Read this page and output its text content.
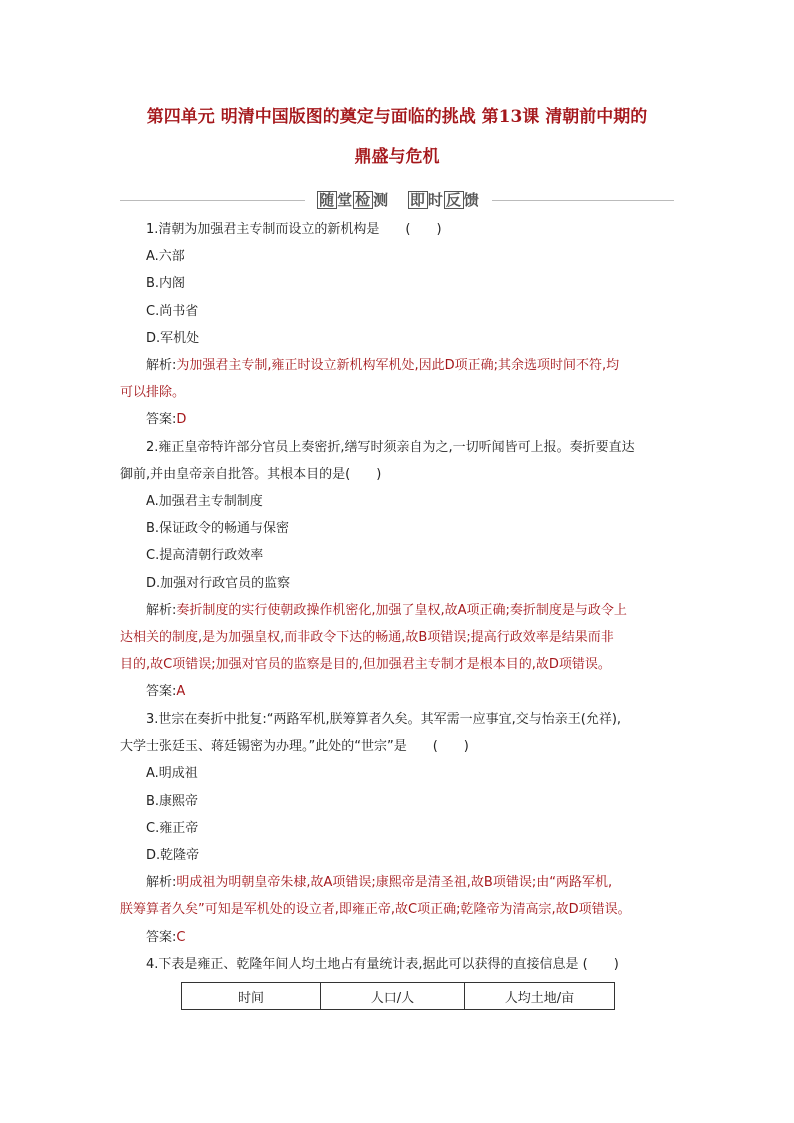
第四单元 明清中国版图的奠定与面临的挑战 第13课 清朝前中期的
鼎盛与危机
随 堂 检 测 即 时 反 馈

1.清朝为加强君主专制而设立的新机构是　　(　　)

A.六部

B.内阁

C.尚书省

D.军机处

解析:为加强君主专制,雍正时设立新机构军机处,因此D项正确;其余选项时间不符,均

可以排除。

答案:D

2.雍正皇帝特许部分官员上奏密折,缮写时须亲自为之,一切听闻皆可上报。奏折要直达

御前,并由皇帝亲自批答。其根本目的是(　　)

A.加强君主专制制度

B.保证政令的畅通与保密

C.提高清朝行政效率

D.加强对行政官员的监察

解析:奏折制度的实行使朝政操作机密化,加强了皇权,故A项正确;奏折制度是与政令上

达相关的制度,是为加强皇权,而非政令下达的畅通,故B项错误;提高行政效率是结果而非

目的,故C项错误;加强对官员的监察是目的,但加强君主专制才是根本目的,故D项错误。

答案:A

3.世宗在奏折中批复:“两路军机,朕筹算者久矣。其军需一应事宜,交与怡亲王(允祥),

大学士张廷玉、蒋廷锡密为办理。”此处的“世宗”是　　(　　)

A.明成祖

B.康熙帝

C.雍正帝

D.乾隆帝

解析:明成祖为明朝皇帝朱棣,故A项错误;康熙帝是清圣祖,故B项错误;由“两路军机,

朕筹算者久矣”可知是军机处的设立者,即雍正帝,故C项正确;乾隆帝为清高宗,故D项错误。

答案:C

4.下表是雍正、乾隆年间人均土地占有量统计表,据此可以获得的直接信息是 (　　)

时间	人口/人	人均土地/亩
